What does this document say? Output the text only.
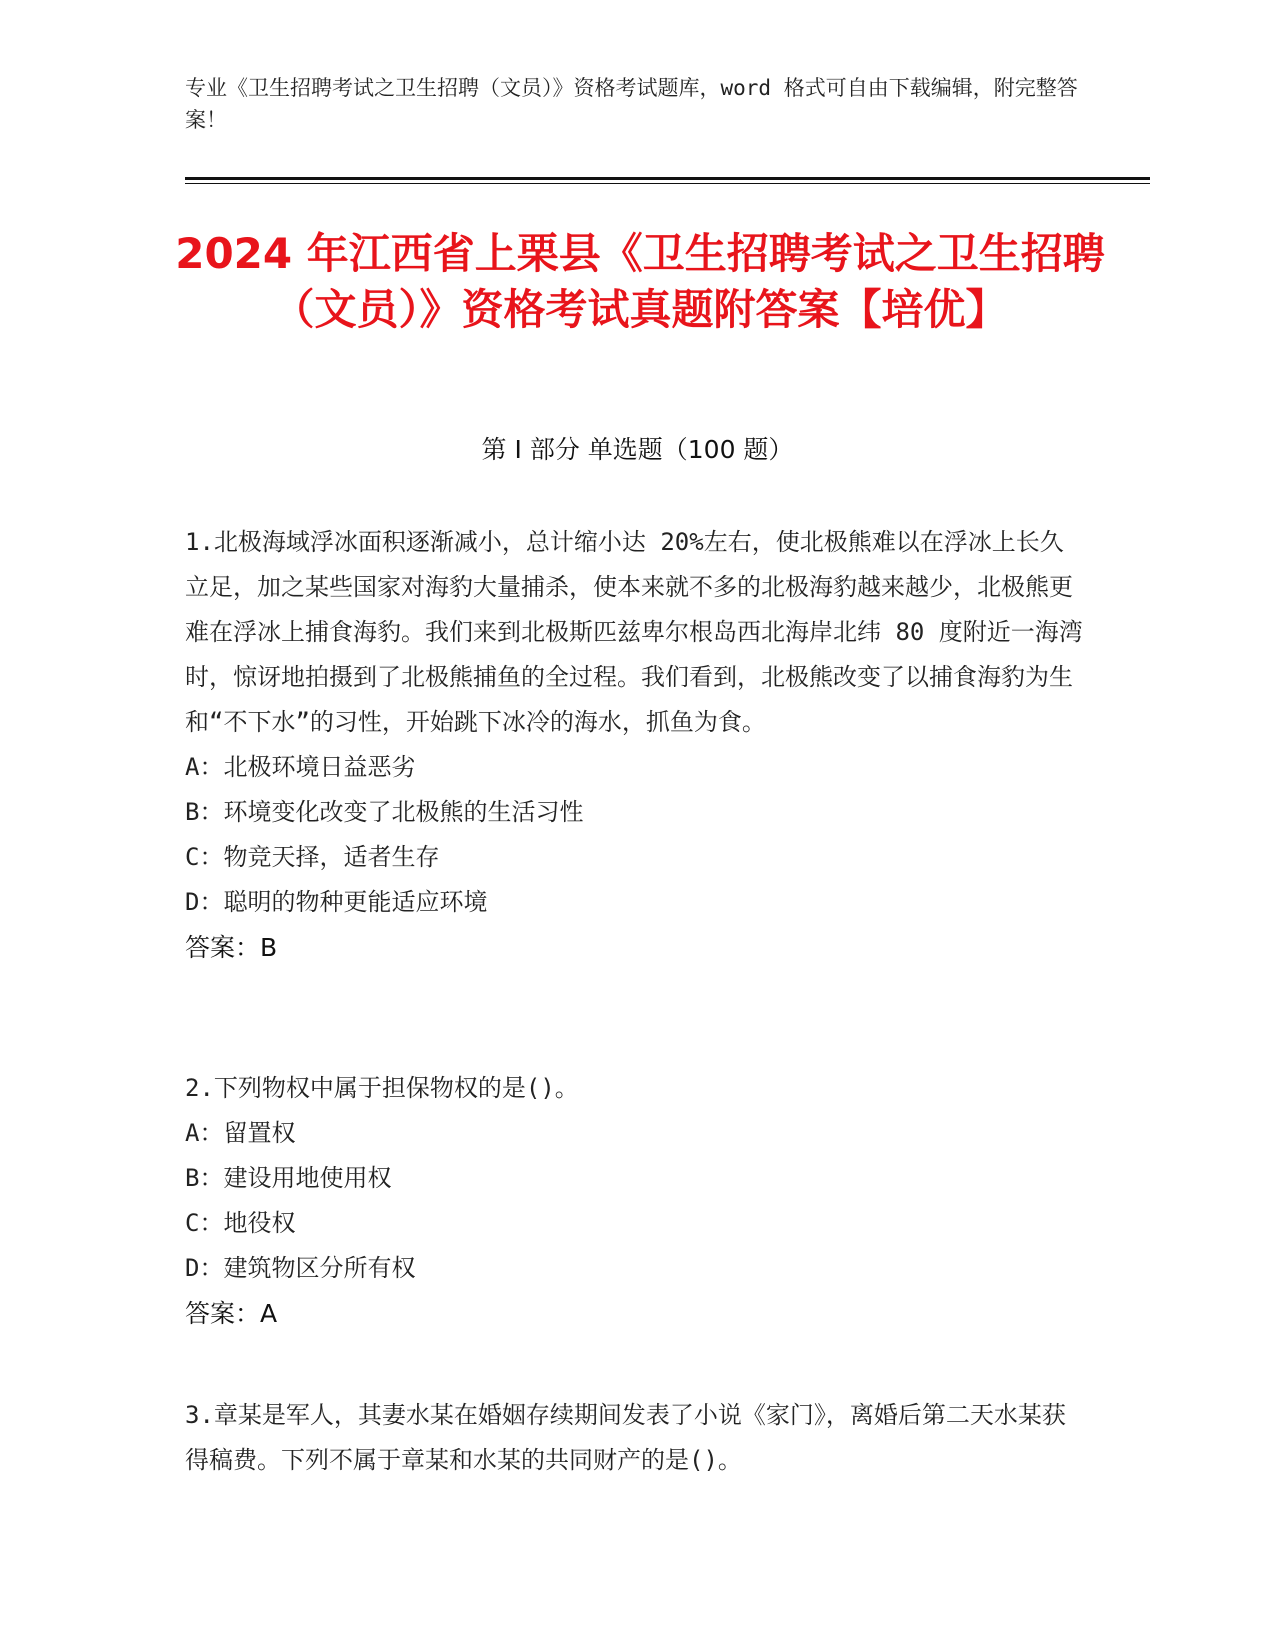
专业《卫生招聘考试之卫生招聘（文员）》资格考试题库，word 格式可自由下载编辑，附完整答案！
2024 年江西省上栗县《卫生招聘考试之卫生招聘（文员）》资格考试真题附答案【培优】
第 I 部分 单选题（100 题）
1.北极海域浮冰面积逐渐减小，总计缩小达 20%左右，使北极熊难以在浮冰上长久立足，加之某些国家对海豹大量捕杀，使本来就不多的北极海豹越来越少，北极熊更难在浮冰上捕食海豹。我们来到北极斯匹兹卑尔根岛西北海岸北纬 80 度附近一海湾时，惊讶地拍摄到了北极熊捕鱼的全过程。我们看到，北极熊改变了以捕食海豹为生和“不下水”的习性，开始跳下冰冷的海水，抓鱼为食。
A：北极环境日益恶劣
B：环境变化改变了北极熊的生活习性
C：物竞天择，适者生存
D：聪明的物种更能适应环境
答案：B
2.下列物权中属于担保物权的是()。
A：留置权
B：建设用地使用权
C：地役权
D：建筑物区分所有权
答案：A
3.章某是军人，其妻水某在婚姻存续期间发表了小说《家门》，离婚后第二天水某获得稿费。下列不属于章某和水某的共同财产的是()。
